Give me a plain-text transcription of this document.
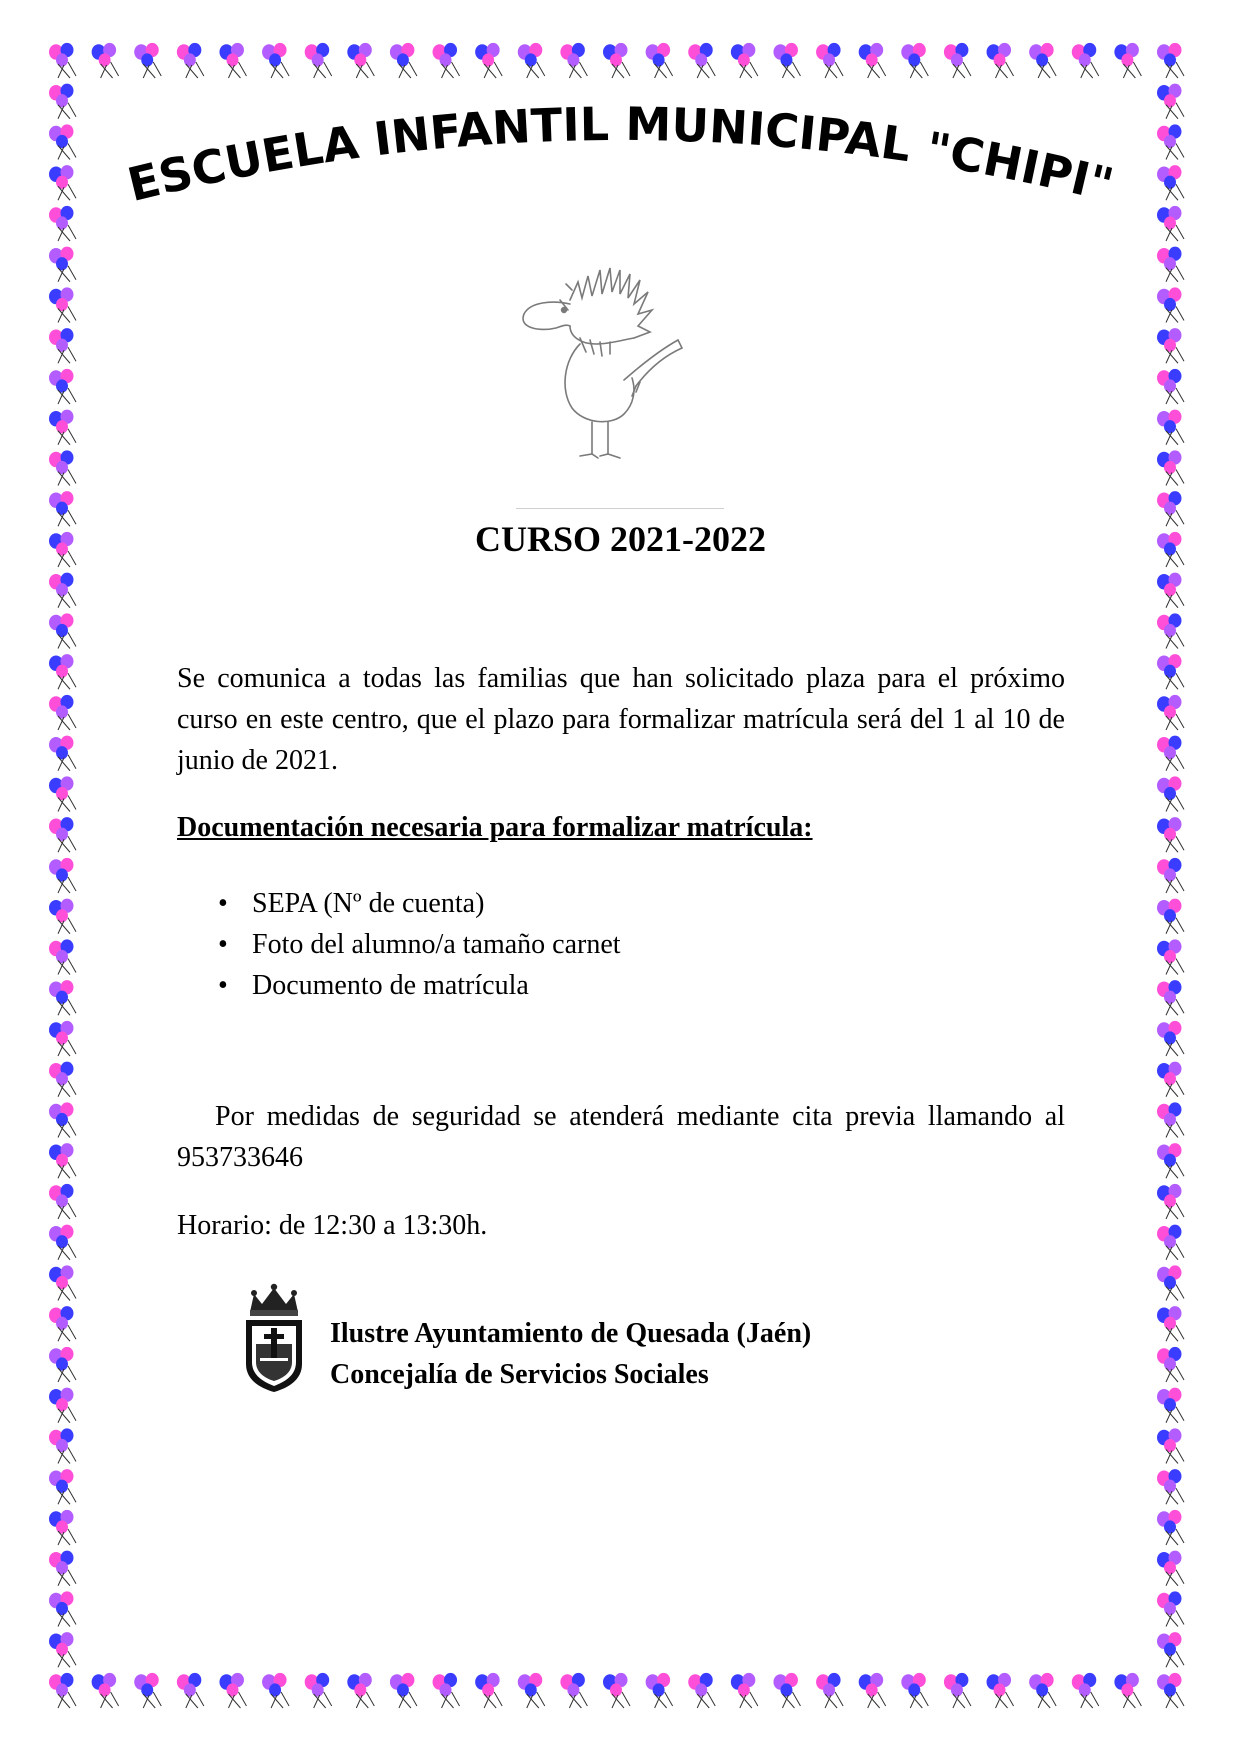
ESCUELA INFANTIL MUNICIPAL "CHIPI"
CURSO 2021-2022
Se comunica a todas las familias que han solicitado plaza para el próximo curso en este centro, que el plazo para formalizar matrícula será del 1 al 10 de junio de 2021.
Documentación necesaria para formalizar matrícula:
• SEPA (Nº de cuenta)
• Foto del alumno/a tamaño carnet
• Documento de matrícula
Por medidas de seguridad se atenderá mediante cita previa llamando al 953733646
Horario: de 12:30 a 13:30h.
Ilustre Ayuntamiento de Quesada (Jaén)
Concejalía de Servicios Sociales
